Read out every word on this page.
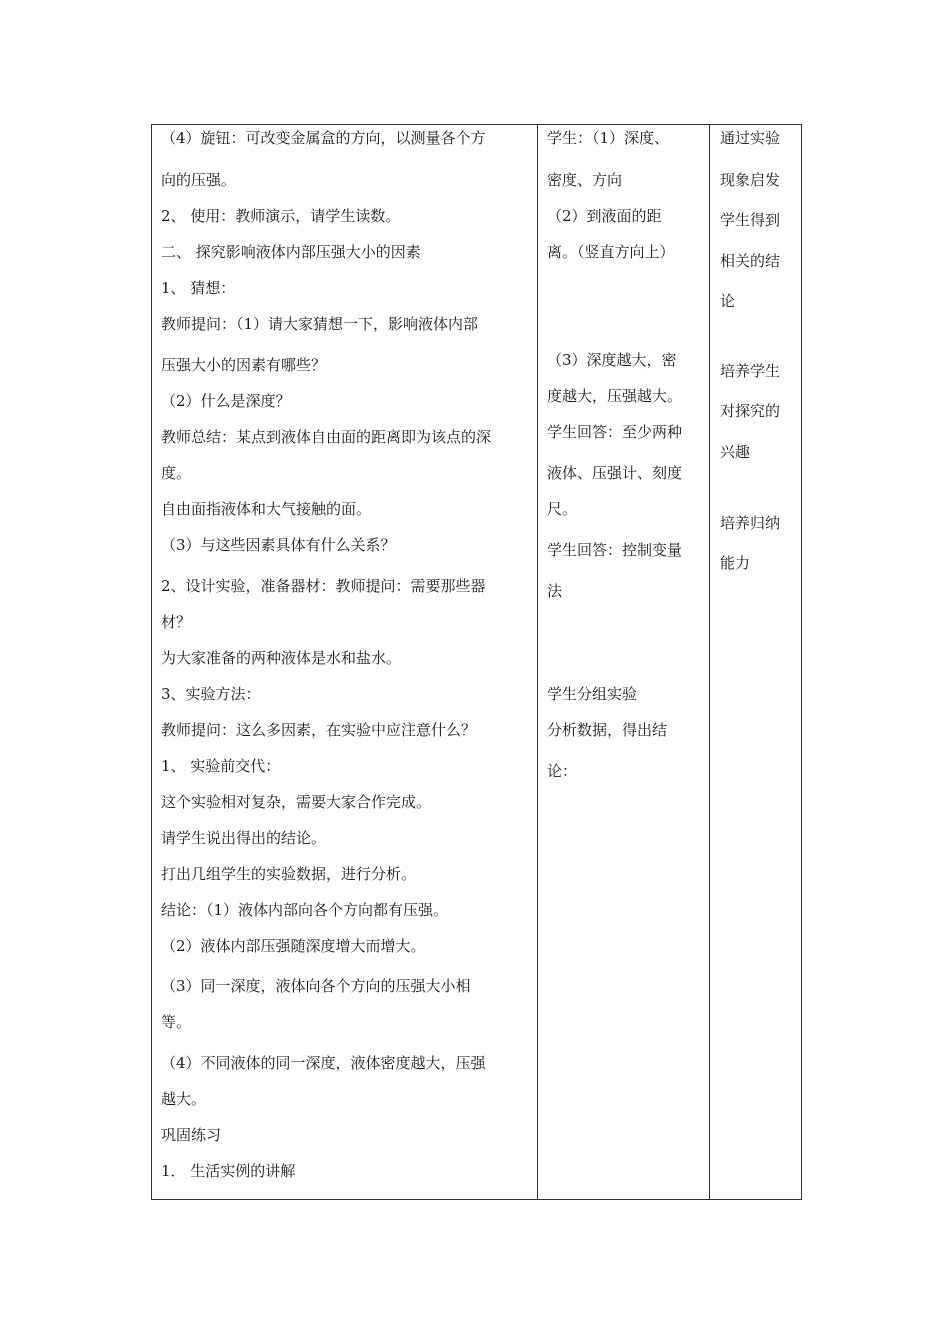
（4）旋钮：可改变金属盒的方向，以测量各个方
向的压强。
2、 使用：教师演示，请学生读数。
二、 探究影响液体内部压强大小的因素
1、 猜想：
教师提问：（1）请大家猜想一下，影响液体内部
压强大小的因素有哪些？
（2）什么是深度？
教师总结：某点到液体自由面的距离即为该点的深
度。
自由面指液体和大气接触的面。
（3）与这些因素具体有什么关系？
2、设计实验，准备器材：教师提问：需要那些器
材？
为大家准备的两种液体是水和盐水。
3、实验方法：
教师提问：这么多因素，在实验中应注意什么？
1、 实验前交代：
这个实验相对复杂，需要大家合作完成。
请学生说出得出的结论。
打出几组学生的实验数据，进行分析。
结论：（1）液体内部向各个方向都有压强。
（2）液体内部压强随深度增大而增大。
（3）同一深度，液体向各个方向的压强大小相
等。
（4）不同液体的同一深度，液体密度越大，压强
越大。
巩固练习
1． 生活实例的讲解

学生：（1）深度、
密度、方向
（2）到液面的距
离。（竖直方向上）
（3）深度越大，密
度越大，压强越大。
学生回答：至少两种
液体、压强计、刻度
尺。
学生回答：控制变量
法
学生分组实验
分析数据，得出结
论：

通过实验
现象启发
学生得到
相关的结
论
培养学生
对探究的
兴趣
培养归纳
能力
